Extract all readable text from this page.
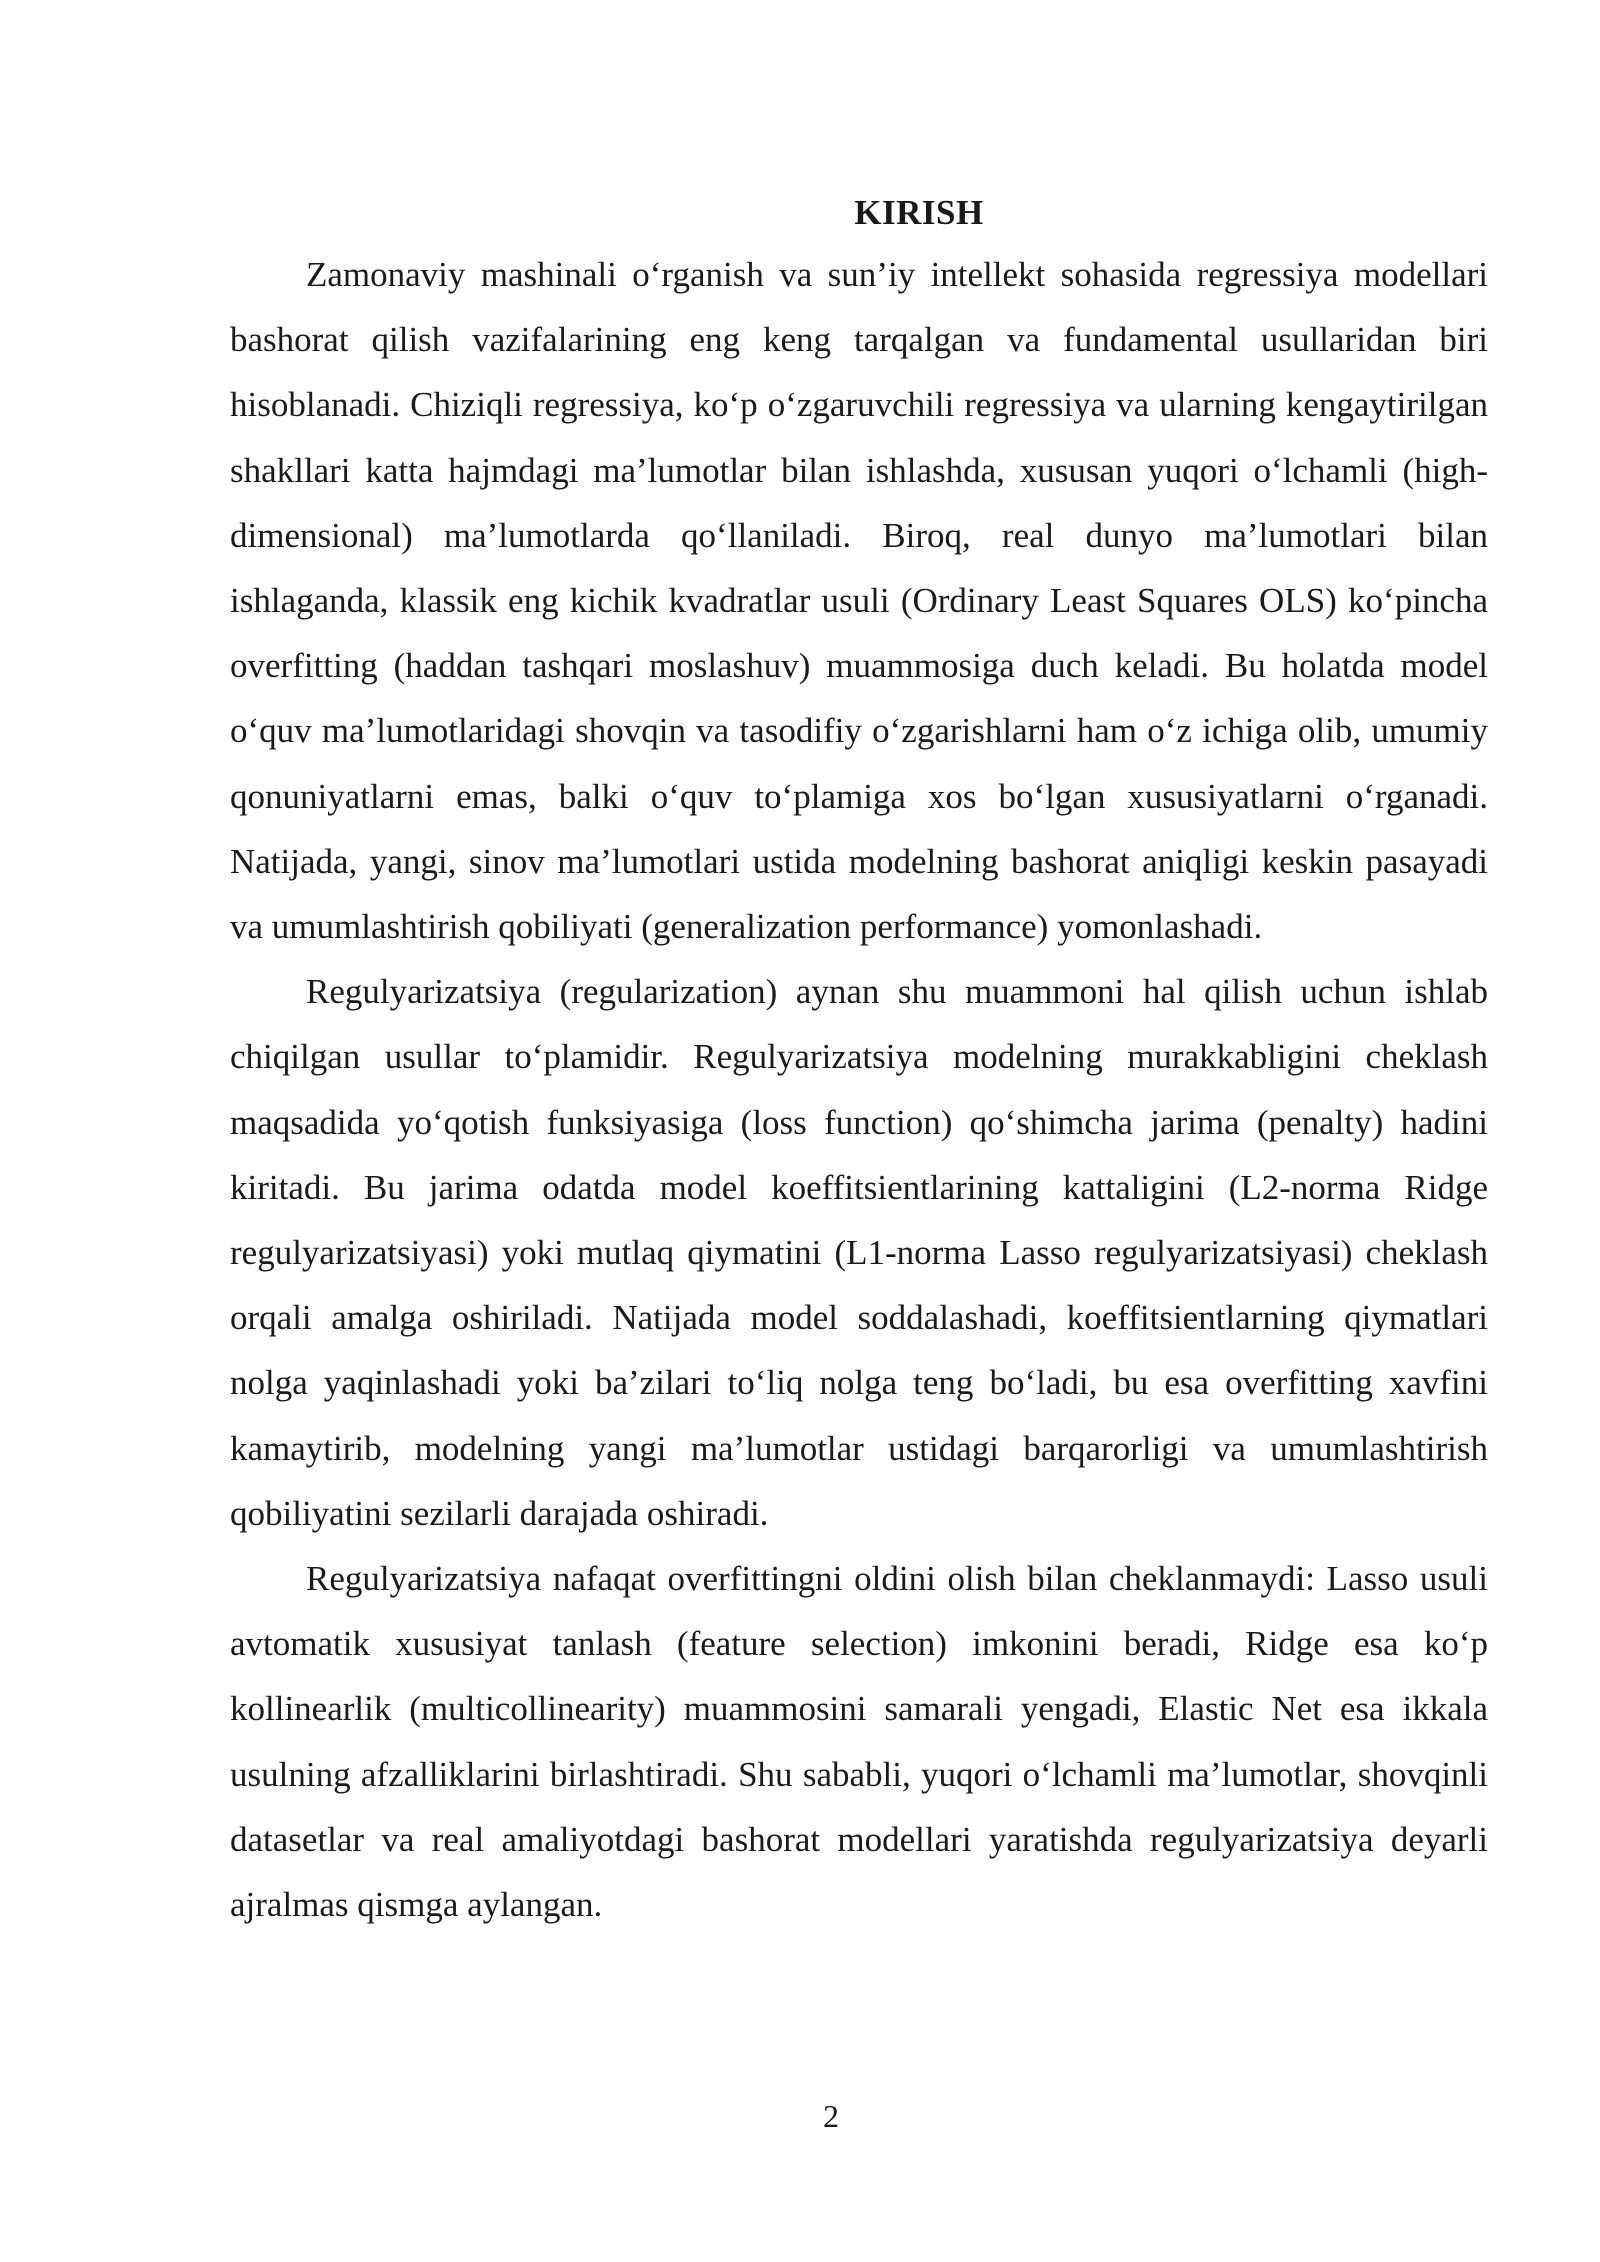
KIRISH

Zamonaviy mashinali o‘rganish va sun’iy intellekt sohasida regressiya modellari bashorat qilish vazifalarining eng keng tarqalgan va fundamental usullaridan biri hisoblanadi. Chiziqli regressiya, ko‘p o‘zgaruvchili regressiya va ularning kengaytirilgan shakllari katta hajmdagi ma’lumotlar bilan ishlashda, xususan yuqori o‘lchamli (high-dimensional) ma’lumotlarda qo‘llaniladi. Biroq, real dunyo ma’lumotlari bilan ishlaganda, klassik eng kichik kvadratlar usuli (Ordinary Least Squares OLS) ko‘pincha overfitting (haddan tashqari moslashuv) muammosiga duch keladi. Bu holatda model o‘quv ma’lumotlaridagi shovqin va tasodifiy o‘zgarishlarni ham o‘z ichiga olib, umumiy qonuniyatlarni emas, balki o‘quv to‘plamiga xos bo‘lgan xususiyatlarni o‘rganadi. Natijada, yangi, sinov ma’lumotlari ustida modelning bashorat aniqligi keskin pasayadi va umumlashtirish qobiliyati (generalization performance) yomonlashadi.

Regulyarizatsiya (regularization) aynan shu muammoni hal qilish uchun ishlab chiqilgan usullar to‘plamidir. Regulyarizatsiya modelning murakkabligini cheklash maqsadida yo‘qotish funksiyasiga (loss function) qo‘shimcha jarima (penalty) hadini kiritadi. Bu jarima odatda model koeffitsientlarining kattaligini (L2-norma Ridge regulyarizatsiyasi) yoki mutlaq qiymatini (L1-norma Lasso regulyarizatsiyasi) cheklash orqali amalga oshiriladi. Natijada model soddalashadi, koeffitsientlarning qiymatlari nolga yaqinlashadi yoki ba’zilari to‘liq nolga teng bo‘ladi, bu esa overfitting xavfini kamaytirib, modelning yangi ma’lumotlar ustidagi barqarorligi va umumlashtirish qobiliyatini sezilarli darajada oshiradi.

Regulyarizatsiya nafaqat overfittingni oldini olish bilan cheklanmaydi: Lasso usuli avtomatik xususiyat tanlash (feature selection) imkonini beradi, Ridge esa ko‘p kollinearlik (multicollinearity) muammosini samarali yengadi, Elastic Net esa ikkala usulning afzalliklarini birlashtiradi. Shu sababli, yuqori o‘lchamli ma’lumotlar, shovqinli datasetlar va real amaliyotdagi bashorat modellari yaratishda regulyarizatsiya deyarli ajralmas qismga aylangan.

2
